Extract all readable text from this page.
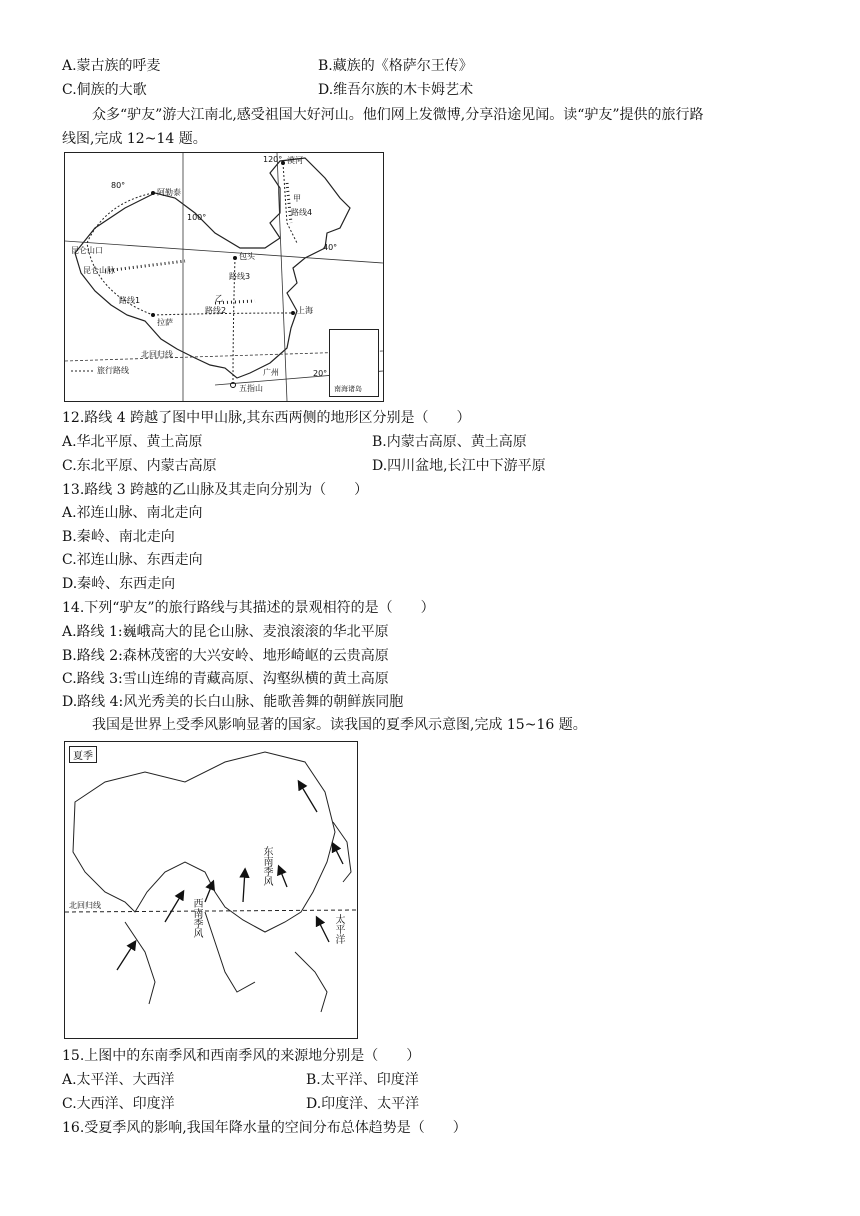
A.蒙古族的呼麦	B.藏族的《格萨尔王传》
C.侗族的大歌	D.维吾尔族的木卡姆艺术
众多“驴友”游大江南北,感受祖国大好河山。他们网上发微博,分享沿途见闻。读“驴友”提供的旅行路
线图,完成 12~14 题。
120° 漠河
80°
阿勒泰
甲
路线4
100°
40°
昆仑山口
昆仑山脉
包头
路线3
乙
路线1
拉萨
路线2	上海
北回归线
旅行路线	广州	20°
五指山	南海诸岛
12.路线 4 跨越了图中甲山脉,其东西两侧的地形区分别是（　　）
A.华北平原、黄土高原	B.内蒙古高原、黄土高原
C.东北平原、内蒙古高原	D.四川盆地,长江中下游平原
13.路线 3 跨越的乙山脉及其走向分别为（　　）
A.祁连山脉、南北走向
B.秦岭、南北走向
C.祁连山脉、东西走向
D.秦岭、东西走向
14.下列“驴友”的旅行路线与其描述的景观相符的是（　　）
A.路线 1:巍峨高大的昆仑山脉、麦浪滚滚的华北平原
B.路线 2:森林茂密的大兴安岭、地形崎岖的云贵高原
C.路线 3:雪山连绵的青藏高原、沟壑纵横的黄土高原
D.路线 4:风光秀美的长白山脉、能歌善舞的朝鲜族同胞
我国是世界上受季风影响显著的国家。读我国的夏季风示意图,完成 15~16 题。
夏季
东南季风
北回归线	西南季风	太平洋
15.上图中的东南季风和西南季风的来源地分别是（　　）
A.太平洋、大西洋	B.太平洋、印度洋
C.大西洋、印度洋	D.印度洋、太平洋
16.受夏季风的影响,我国年降水量的空间分布总体趋势是（　　）
